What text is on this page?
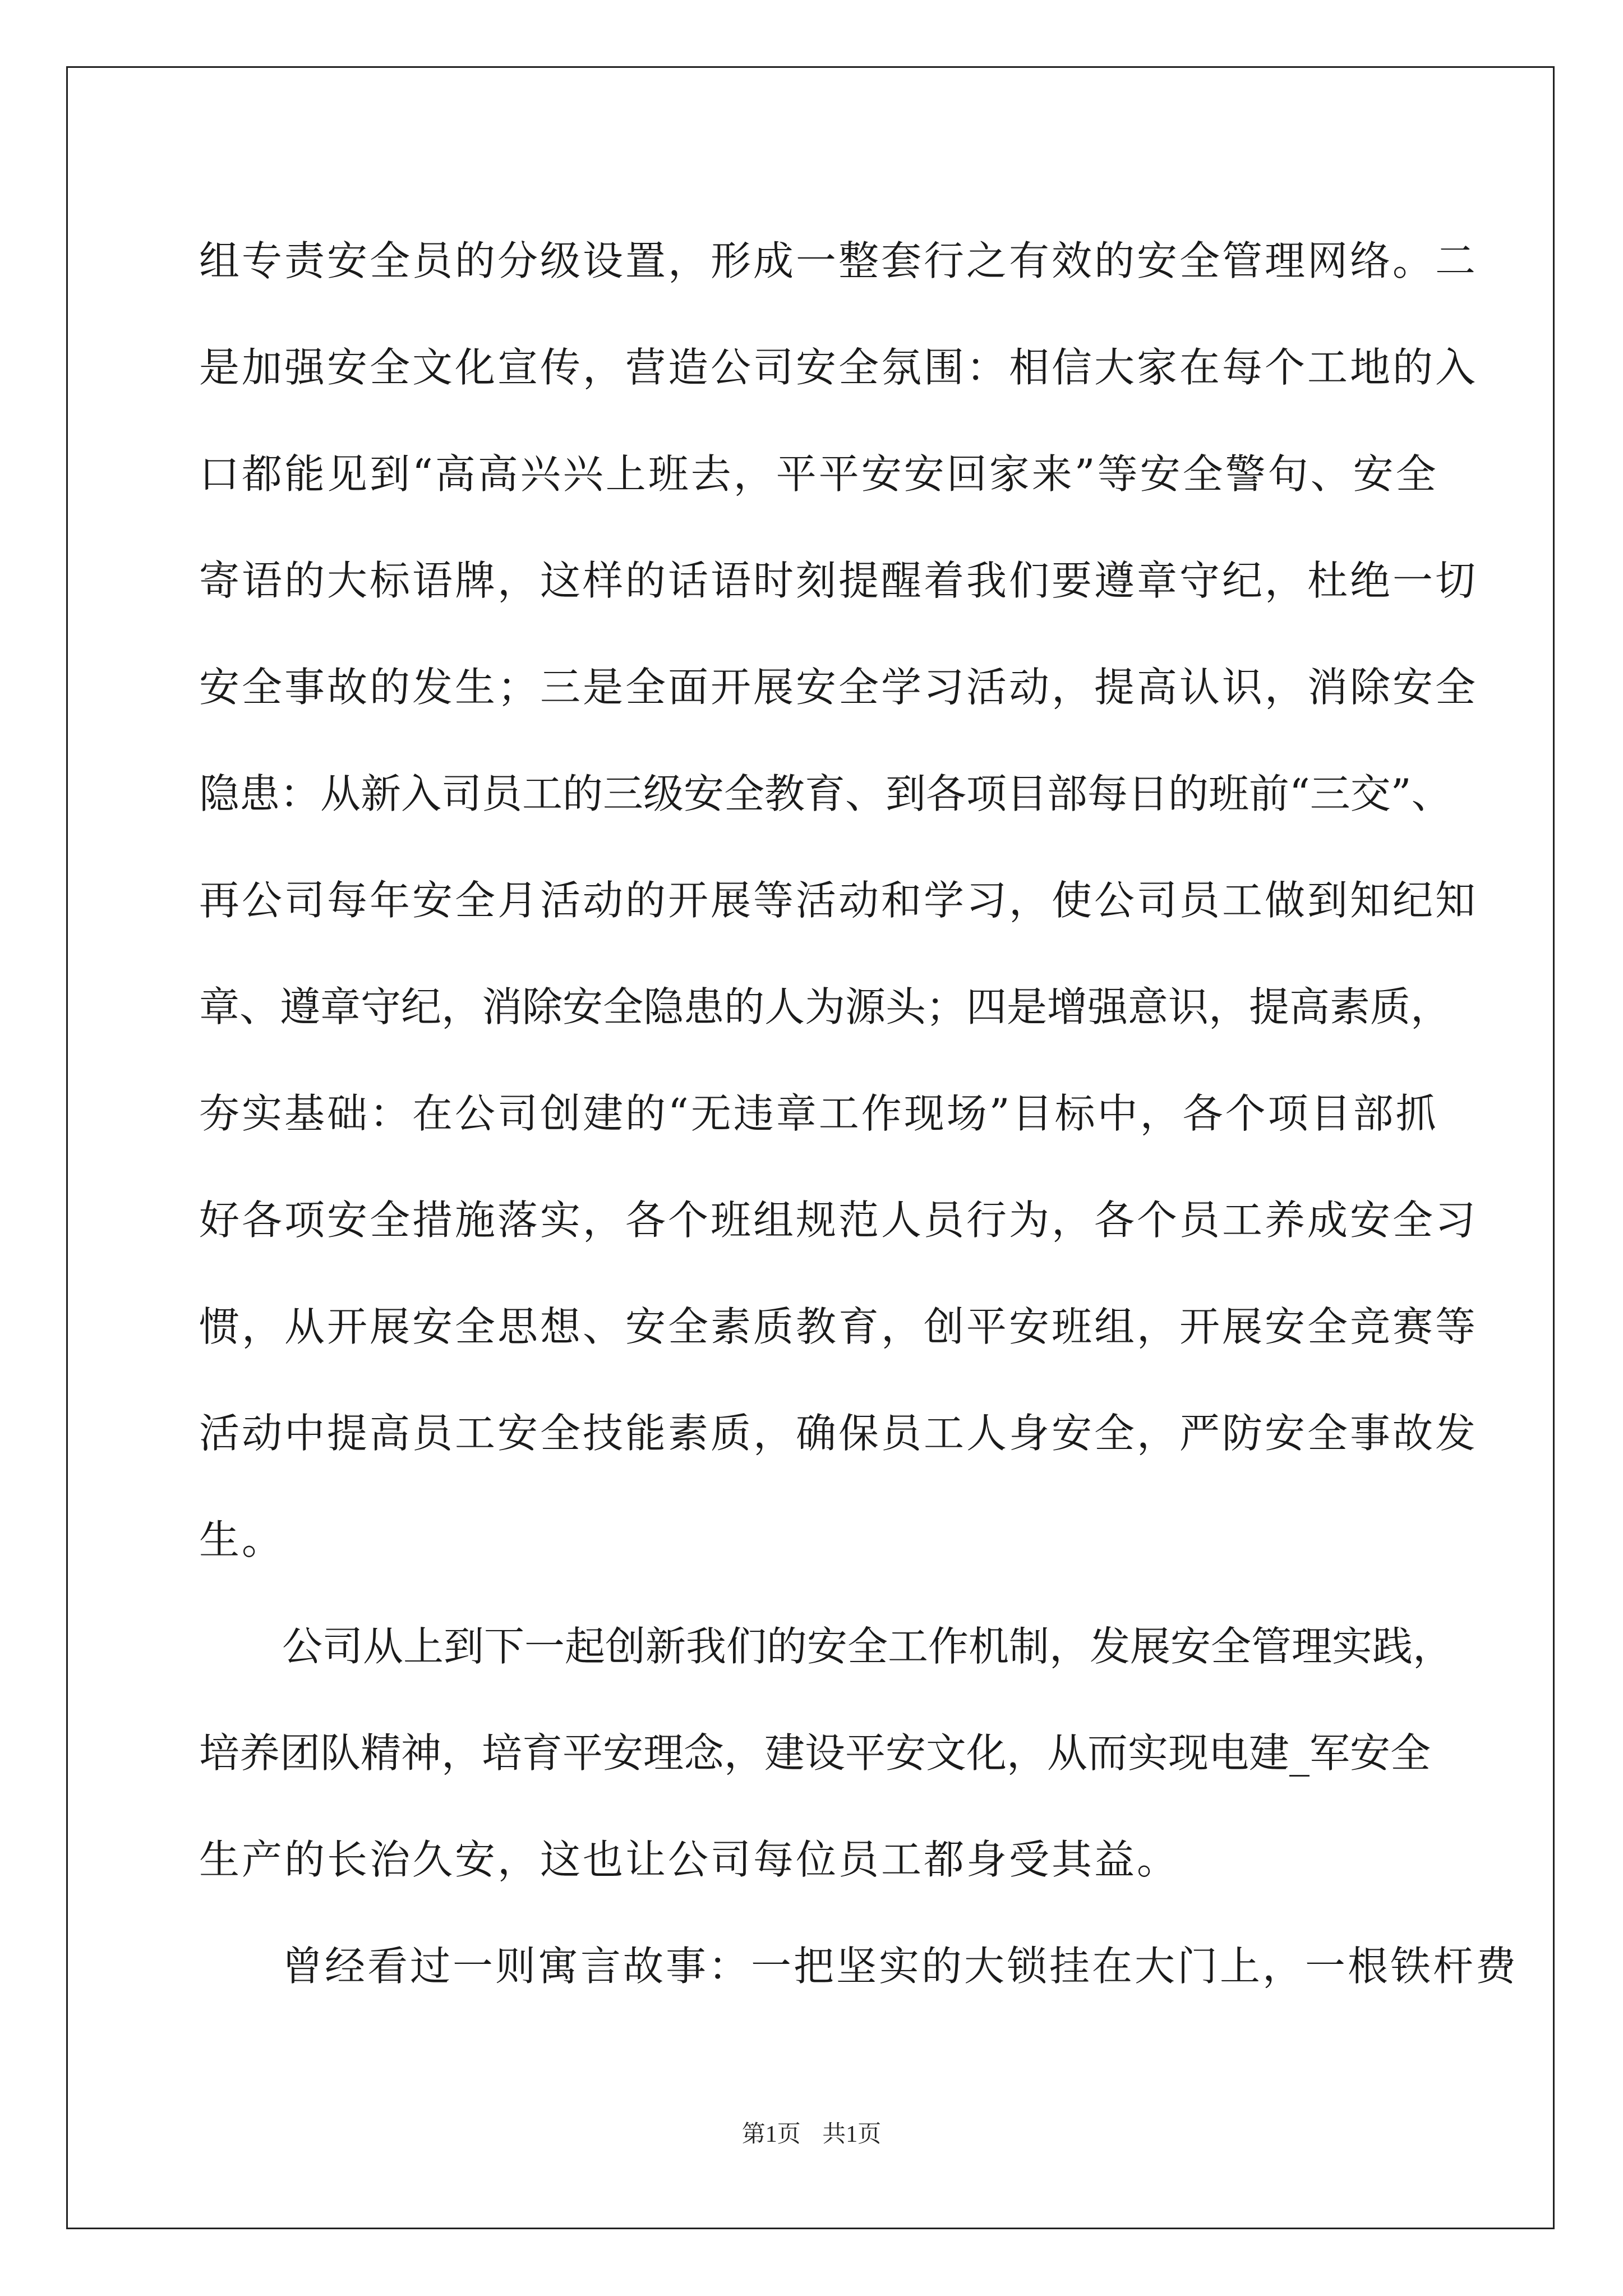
组专责安全员的分级设置，形成一整套行之有效的安全管理网络。二
是加强安全文化宣传，营造公司安全氛围：相信大家在每个工地的入
口都能见到“高高兴兴上班去，平平安安回家来”等安全警句、安全
寄语的大标语牌，这样的话语时刻提醒着我们要遵章守纪，杜绝一切
安全事故的发生；三是全面开展安全学习活动，提高认识，消除安全
隐患：从新入司员工的三级安全教育、到各项目部每日的班前“三交”、
再公司每年安全月活动的开展等活动和学习，使公司员工做到知纪知
章、遵章守纪，消除安全隐患的人为源头；四是增强意识，提高素质，
夯实基础：在公司创建的“无违章工作现场”目标中，各个项目部抓
好各项安全措施落实，各个班组规范人员行为，各个员工养成安全习
惯，从开展安全思想、安全素质教育，创平安班组，开展安全竞赛等
活动中提高员工安全技能素质，确保员工人身安全，严防安全事故发
生。
公司从上到下一起创新我们的安全工作机制，发展安全管理实践，
培养团队精神，培育平安理念，建设平安文化，从而实现电建_军安全
生产的长治久安，这也让公司每位员工都身受其益。
曾经看过一则寓言故事：一把坚实的大锁挂在大门上，一根铁杆费
第1页 共1页
